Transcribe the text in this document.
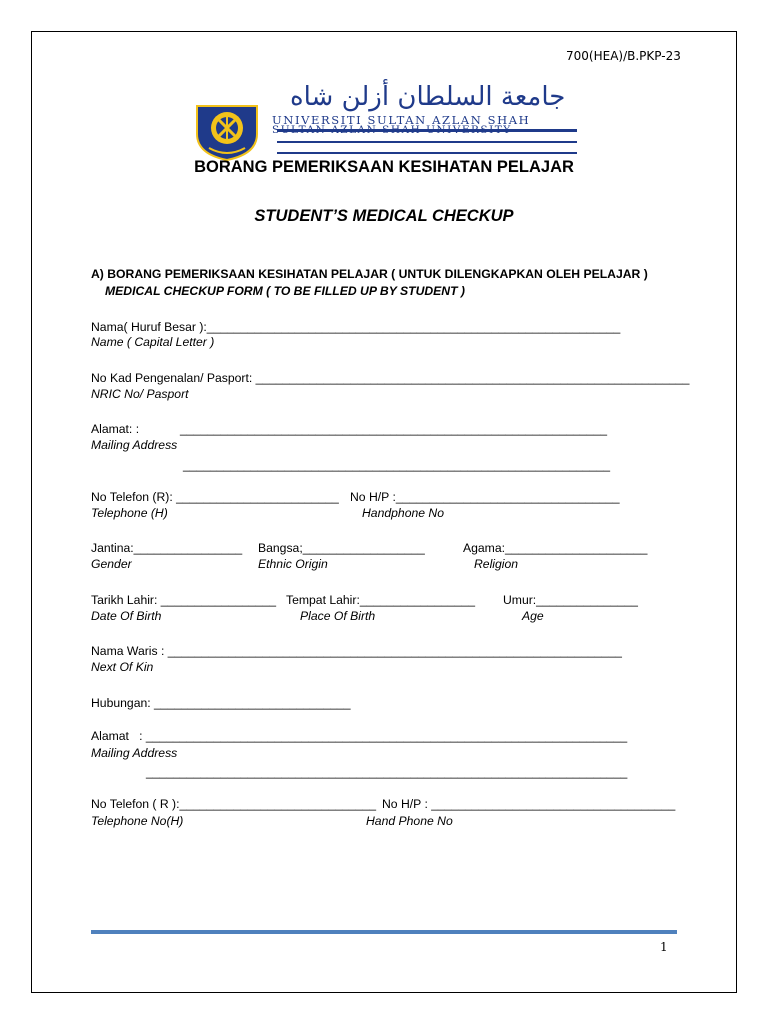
700(HEA)/B.PKP-23

جامعة السلطان أزلن شاه

UNIVERSITI SULTAN AZLAN SHAH

SULTAN AZLAN SHAH UNIVERSITY

BORANG PEMERIKSAAN KESIHATAN PELAJAR
STUDENT’S MEDICAL CHECKUP
A) BORANG PEMERIKSAAN KESIHATAN PELAJAR ( UNTUK DILENGKAPKAN OLEH PELAJAR )
MEDICAL CHECKUP FORM ( TO BE FILLED UP BY STUDENT )
Nama( Huruf Besar ):_____________________________________________________________
Name ( Capital Letter )
No Kad Pengenalan/ Pasport: ________________________________________________________________
NRIC No/ Pasport
Alamat: :	_______________________________________________________________
Mailing Address
_______________________________________________________________
No Telefon (R): ________________________
Telephone (H)
No H/P :_________________________________
Handphone No
Jantina:________________
Gender
Bangsa;__________________
Ethnic Origin
Agama:_____________________
Religion
Tarikh Lahir: _________________
Date Of Birth
Tempat Lahir:_________________
Place Of Birth
Umur:_______________
Age
Nama Waris : ___________________________________________________________________
Next Of Kin
Hubungan: _____________________________
Alamat   : _______________________________________________________________________
Mailing Address
_______________________________________________________________________
No Telefon ( R ):_____________________________
Telephone No(H)
No H/P : ____________________________________
Hand Phone No
1
